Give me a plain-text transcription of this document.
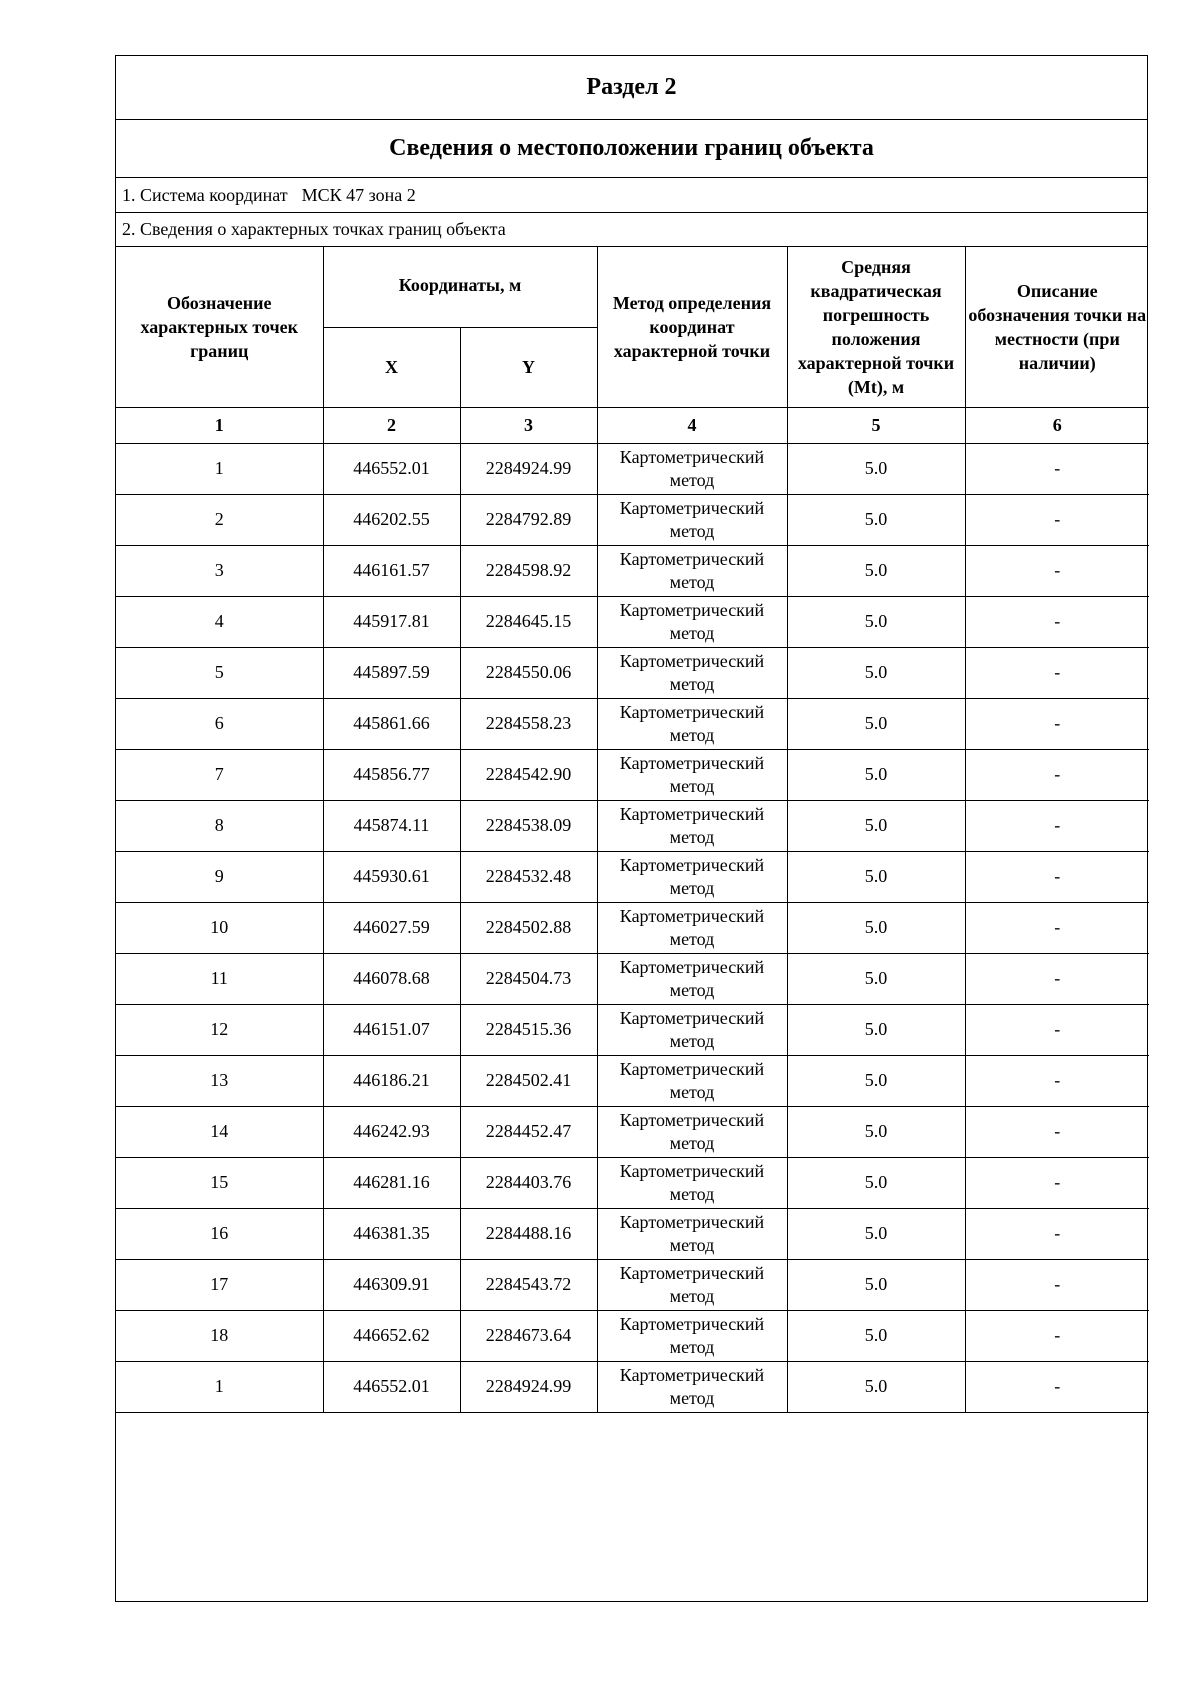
Раздел 2
Сведения о местоположении границ объекта
1. Система координат МСК 47 зона 2
2. Сведения о характерных точках границ объекта
Обозначение характерных точек границ	Координаты, м		Метод определения координат характерной точки	Средняя квадратическая погрешность положения характерной точки (Mt), м	Описание обозначения точки на местности (при наличии)
	X	Y			
1	2	3	4	5	6
1	446552.01	2284924.99	Картометрический метод	5.0	-
2	446202.55	2284792.89	Картометрический метод	5.0	-
3	446161.57	2284598.92	Картометрический метод	5.0	-
4	445917.81	2284645.15	Картометрический метод	5.0	-
5	445897.59	2284550.06	Картометрический метод	5.0	-
6	445861.66	2284558.23	Картометрический метод	5.0	-
7	445856.77	2284542.90	Картометрический метод	5.0	-
8	445874.11	2284538.09	Картометрический метод	5.0	-
9	445930.61	2284532.48	Картометрический метод	5.0	-
10	446027.59	2284502.88	Картометрический метод	5.0	-
11	446078.68	2284504.73	Картометрический метод	5.0	-
12	446151.07	2284515.36	Картометрический метод	5.0	-
13	446186.21	2284502.41	Картометрический метод	5.0	-
14	446242.93	2284452.47	Картометрический метод	5.0	-
15	446281.16	2284403.76	Картометрический метод	5.0	-
16	446381.35	2284488.16	Картометрический метод	5.0	-
17	446309.91	2284543.72	Картометрический метод	5.0	-
18	446652.62	2284673.64	Картометрический метод	5.0	-
1	446552.01	2284924.99	Картометрический метод	5.0	-
